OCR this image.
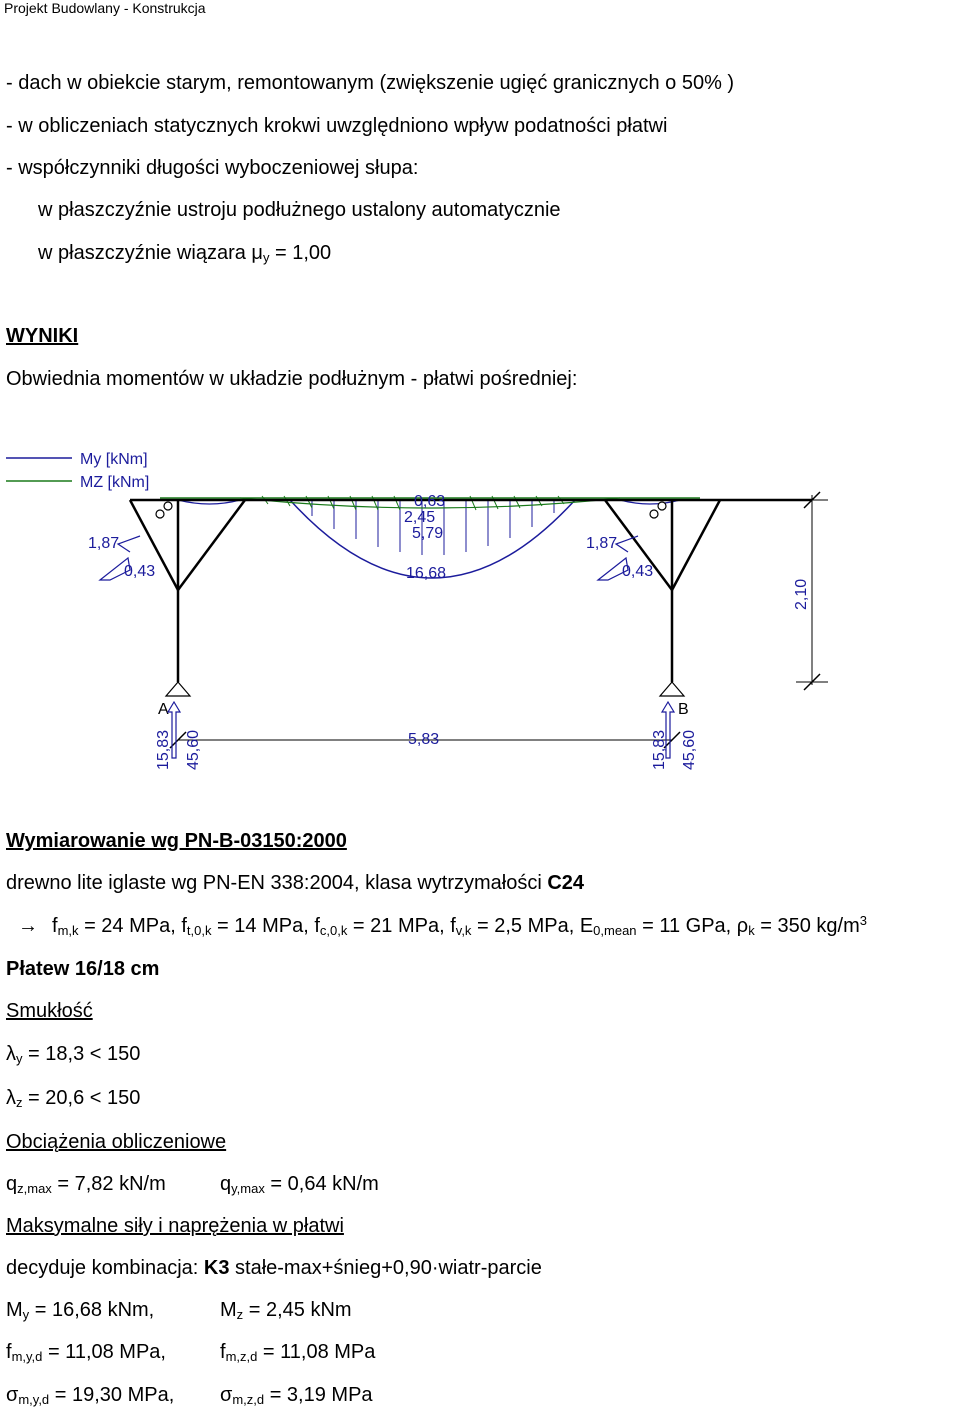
Projekt Budowlany - Konstrukcja
- dach w obiekcie starym, remontowanym (zwiększenie ugięć granicznych o 50% )
- w obliczeniach statycznych krokwi uwzględniono wpływ podatności płatwi
- współczynniki długości wyboczeniowej słupa:
w płaszczyźnie ustroju podłużnego ustalony automatycznie
w płaszczyźnie wiązara $\mu_y = 1,00$
WYNIKI
Obwiednia momentów w układzie podłużnym - płatwi pośredniej:
My [kNm]
MZ [kNm]
1,87
0,43
0,63
2,45
5,79
16,68
1,87
0,43
2,10
A	B
5,83
15,83 45,60	15,83 45,60
Wymiarowanie wg PN-B-03150:2000
drewno lite iglaste wg PN-EN 338:2004, klasa wytrzymałości C24
→ $f_{m,k} = 24$ MPa, $f_{t,0,k} = 14$ MPa, $f_{c,0,k} = 21$ MPa, $f_{v,k} = 2,5$ MPa, $E_{0,mean} = 11$ GPa, $\rho_k = 350$ $kg/m^3$
Płatew 16/18 cm
Smukłość
$\lambda_y = 18,3 < 150$
$\lambda_z = 20,6 < 150$
Obciążenia obliczeniowe
$q_{z,max} = 7,82$ kN/m	$q_{y,max} = 0,64$ kN/m
Maksymalne siły i naprężenia w płatwi
decyduje kombinacja: K3 stałe-max+śnieg+0,90·wiatr-parcie
$M_y = 16,68$ kNm,	$M_z = 2,45$ kNm
$f_{m,y,d} = 11,08$ MPa,	$f_{m,z,d} = 11,08$ MPa
$\sigma_{m,y,d} = 19,30$ MPa, $\sigma_{m,z,d} = 3,19$ MPa
